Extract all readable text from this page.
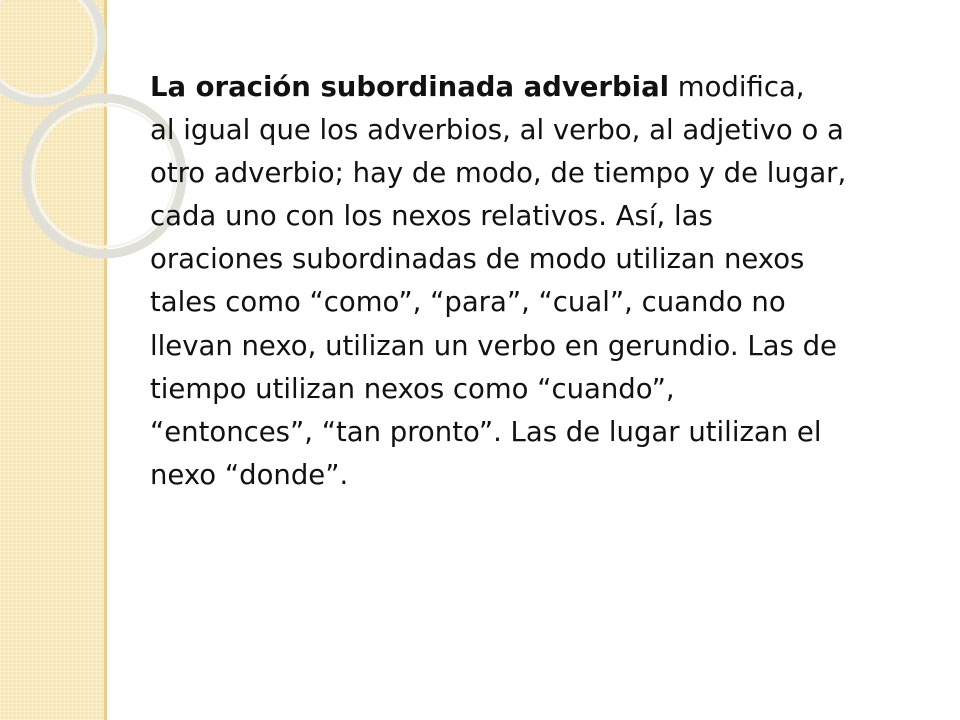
La oración subordinada adverbial modifica,
al igual que los adverbios, al verbo, al adjetivo o a
otro adverbio; hay de modo, de tiempo y de lugar,
cada uno con los nexos relativos. Así, las
oraciones subordinadas de modo utilizan nexos
tales como “como”, “para”, “cual”, cuando no
llevan nexo, utilizan un verbo en gerundio. Las de
tiempo utilizan nexos como “cuando”,
“entonces”, “tan pronto”. Las de lugar utilizan el
nexo “donde”.
